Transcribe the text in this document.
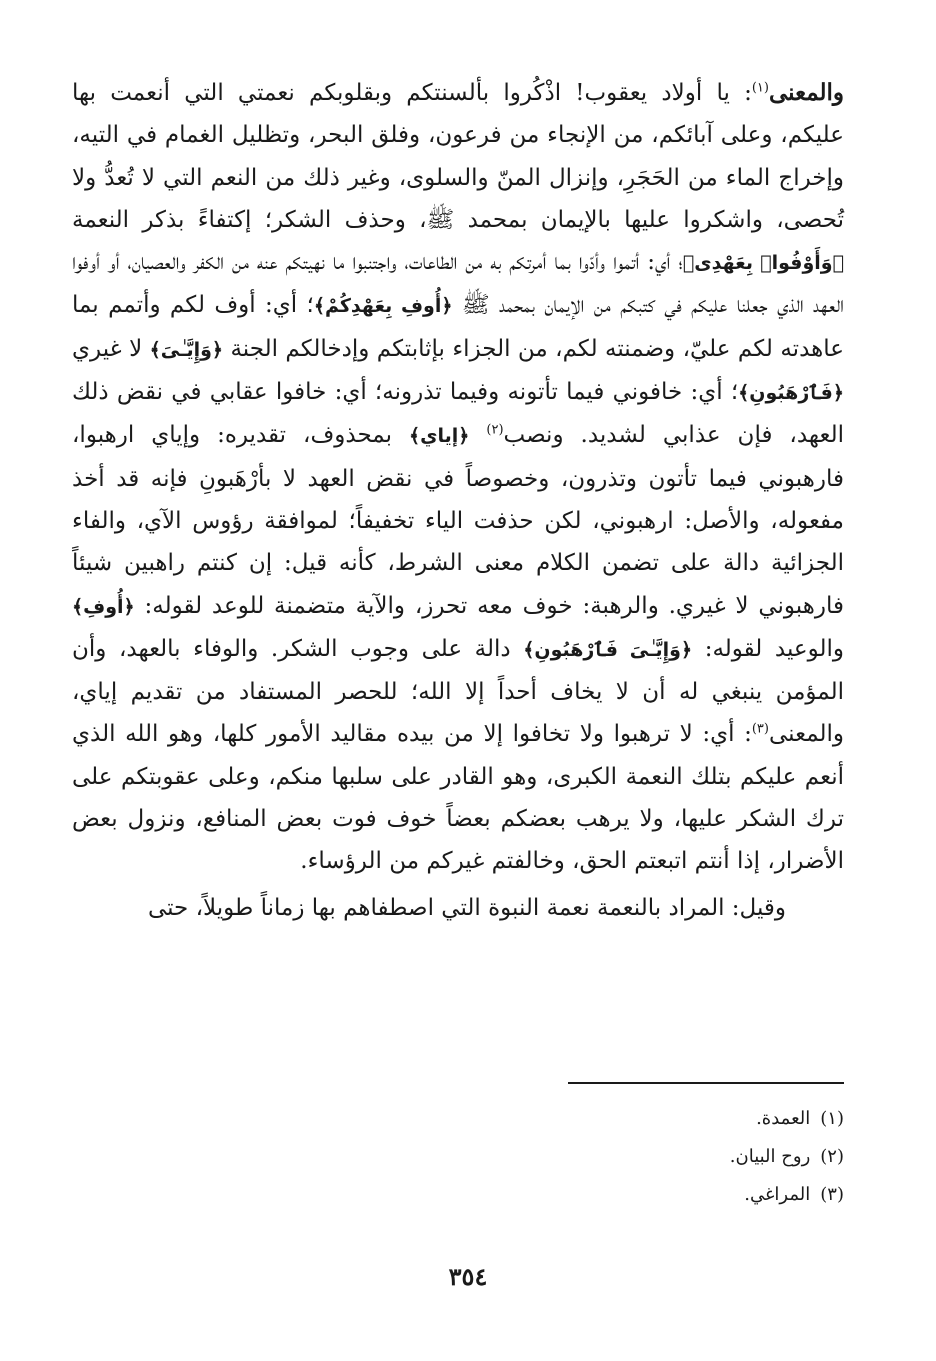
والمعنى$^{(١)}$: يا أولاد يعقوب! اذْكُروا بألسنتكم وبقلوبكم نعمتي التي أنعمت بها عليكم، وعلى آبائكم، من الإنجاء من فرعون، وفلق البحر، وتظليل الغمام في التيه، وإخراج الماء من الحَجَرِ، وإنزال المنّ والسلوى، وغير ذلك من النعم التي لا تُعدُّ ولا تُحصى، واشكروا عليها بالإيمان بمحمد ﷺ، وحذف الشكر؛ إكتفاءً بذكر النعمة ﴿وَأَوْفُوا۟ بِعَهْدِى﴾؛ أي: أتموا وأدّوا بما أمرتكم به من الطاعات، واجتنبوا ما نهيتكم عنه من الكفر والعصيان، أو أوفوا العهد الذي جعلنا عليكم في كتبكم من الإيمان بمحمد ﷺ ﴿أُوفِ بِعَهْدِكُمْ﴾؛ أي: أوف لكم وأتمم بما عاهدته لكم عليّ، وضمنته لكم، من الجزاء بإثابتكم وإدخالكم الجنة ﴿وَإِيَّـٰىَ﴾ لا غيري ﴿فَٱرْهَبُونِ﴾؛ أي: خافوني فيما تأتونه وفيما تذرونه؛ أي: خافوا عقابي في نقض ذلك العهد، فإن عذابي لشديد. ونصب$^{(٢)}$ ﴿إياي﴾ بمحذوف، تقديره: وإياي ارهبوا، فارهبوني فيما تأتون وتذرون، وخصوصاً في نقض العهد لا بأرْهَبونِ فإنه قد أخذ مفعوله، والأصل: ارهبوني، لكن حذفت الياء تخفيفاً؛ لموافقة رؤوس الآي، والفاء الجزائية دالة على تضمن الكلام معنى الشرط، كأنه قيل: إن كنتم راهبين شيئاً فارهبوني لا غيري. والرهبة: خوف معه تحرز، والآية متضمنة للوعد لقوله: ﴿أُوفِ﴾ والوعيد لقوله: ﴿وَإِيَّـٰىَ فَٱرْهَبُونِ﴾ دالة على وجوب الشكر. والوفاء بالعهد، وأن المؤمن ينبغي له أن لا يخاف أحداً إلا الله؛ للحصر المستفاد من تقديم إياي، والمعنى$^{(٣)}$: أي: لا ترهبوا ولا تخافوا إلا من بيده مقاليد الأمور كلها، وهو الله الذي أنعم عليكم بتلك النعمة الكبرى، وهو القادر على سلبها منكم، وعلى عقوبتكم على ترك الشكر عليها، ولا يرهب بعضكم بعضاً خوف فوت بعض المنافع، ونزول بعض الأضرار، إذا أنتم اتبعتم الحق، وخالفتم غيركم من الرؤساء.

وقيل: المراد بالنعمة نعمة النبوة التي اصطفاهم بها زماناً طويلاً، حتى

(١)العمدة.
(٢)روح البيان.
(٣)المراغي.
٣٥٤
